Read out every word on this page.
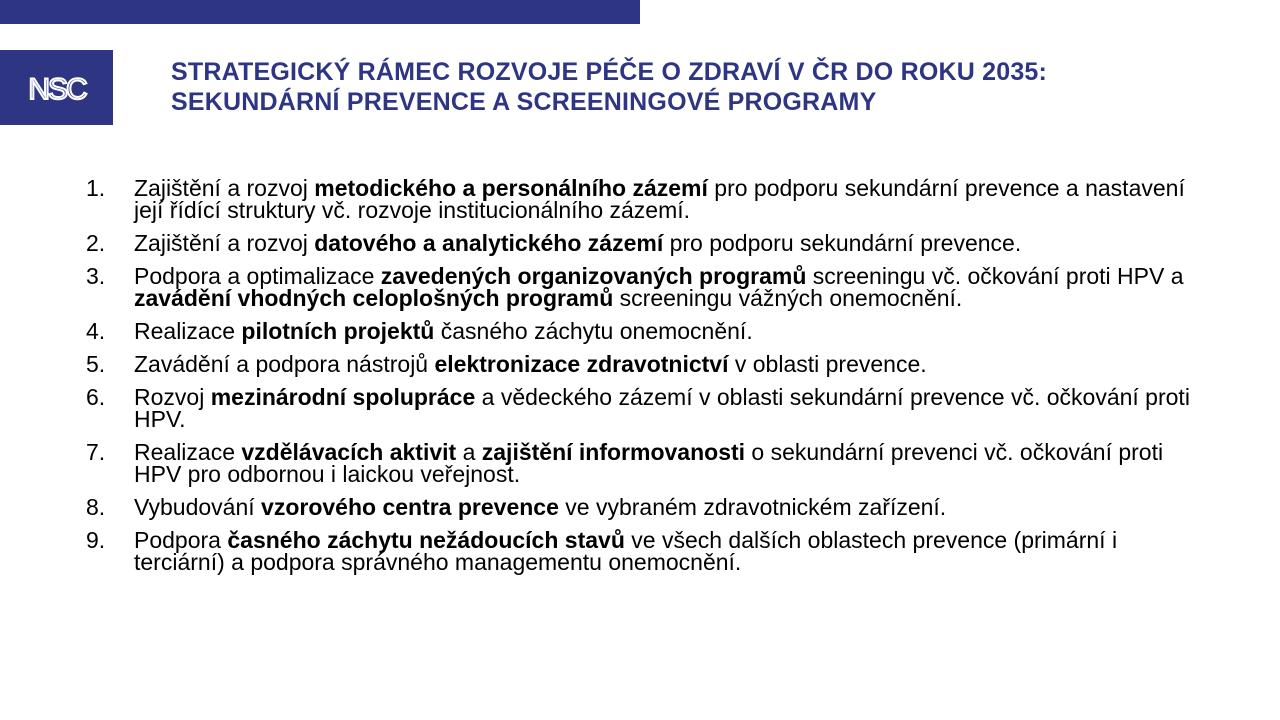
NSC
STRATEGICKÝ RÁMEC ROZVOJE PÉČE O ZDRAVÍ V ČR DO ROKU 2035:
SEKUNDÁRNÍ PREVENCE A SCREENINGOVÉ PROGRAMY
1.	Zajištění a rozvoj metodického a personálního zázemí pro podporu sekundární prevence a nastavení její řídící struktury vč. rozvoje institucionálního zázemí.
2.	Zajištění a rozvoj datového a analytického zázemí pro podporu sekundární prevence.
3.	Podpora a optimalizace zavedených organizovaných programů screeningu vč. očkování proti HPV a zavádění vhodných celoplošných programů screeningu vážných onemocnění.
4.	Realizace pilotních projektů časného záchytu onemocnění.
5.	Zavádění a podpora nástrojů elektronizace zdravotnictví v oblasti prevence.
6.	Rozvoj mezinárodní spolupráce a vědeckého zázemí v oblasti sekundární prevence vč. očkování proti HPV.
7.	Realizace vzdělávacích aktivit a zajištění informovanosti o sekundární prevenci vč. očkování proti HPV pro odbornou i laickou veřejnost.
8.	Vybudování vzorového centra prevence ve vybraném zdravotnickém zařízení.
9.	Podpora časného záchytu nežádoucích stavů ve všech dalších oblastech prevence (primární i terciární) a podpora správného managementu onemocnění.
